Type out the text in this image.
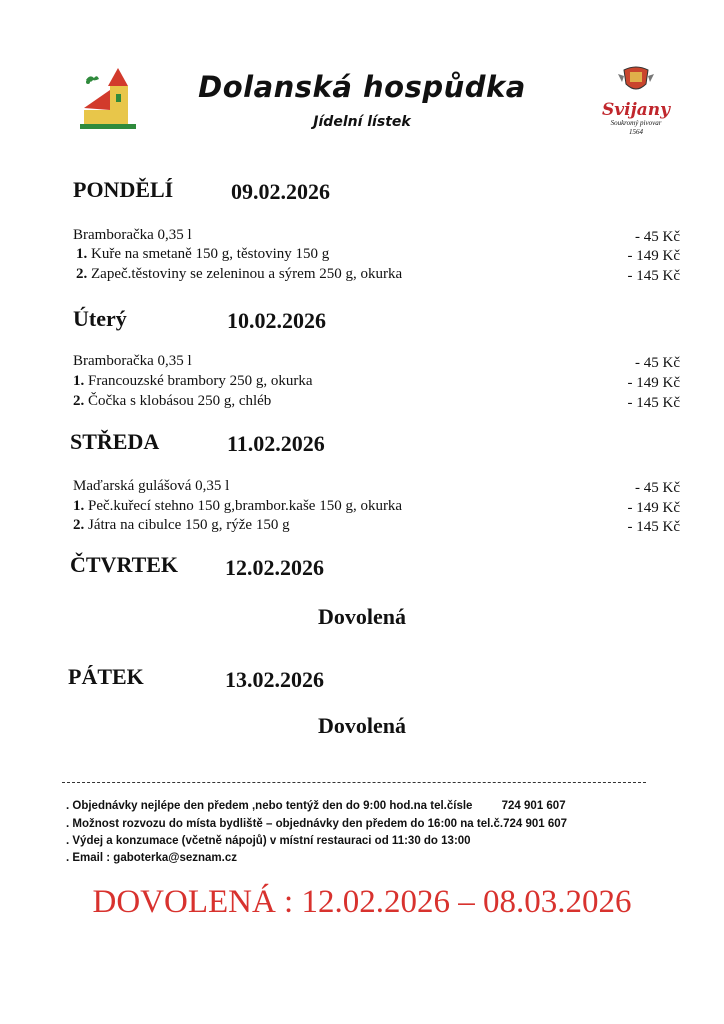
Dolanská hospůdka
Jídelní lístek
Svijany
Soukromý pivovar
1564
PONDĚLÍ	09.02.2026
Bramboračka 0,35 l	- 45 Kč
1. Kuře na smetaně 150 g, těstoviny 150 g	- 149 Kč
2. Zapeč.těstoviny se zeleninou a sýrem 250 g, okurka	- 145 Kč
Úterý	10.02.2026
Bramboračka 0,35 l	- 45 Kč
1. Francouzské brambory 250 g, okurka	- 149 Kč
2. Čočka s klobásou 250 g, chléb	- 145 Kč
STŘEDA	11.02.2026
Maďarská gulášová 0,35 l	- 45 Kč
1. Peč.kuřecí stehno 150 g,brambor.kaše 150 g, okurka	- 149 Kč
2. Játra na cibulce 150 g, rýže 150 g	- 145 Kč
ČTVRTEK 12.02.2026
Dovolená
PÁTEK	13.02.2026
Dovolená
. Objednávky nejlépe den předem ,nebo tentýž den do 9:00 hod.na tel.čísle	724 901 607
. Možnost rozvozu do místa bydliště – objednávky den předem do 16:00 na tel.č.724 901 607
. Výdej a konzumace (včetně nápojů) v místní restauraci od 11:30 do 13:00
. Email : gaboterka@seznam.cz
DOVOLENÁ : 12.02.2026 – 08.03.2026
